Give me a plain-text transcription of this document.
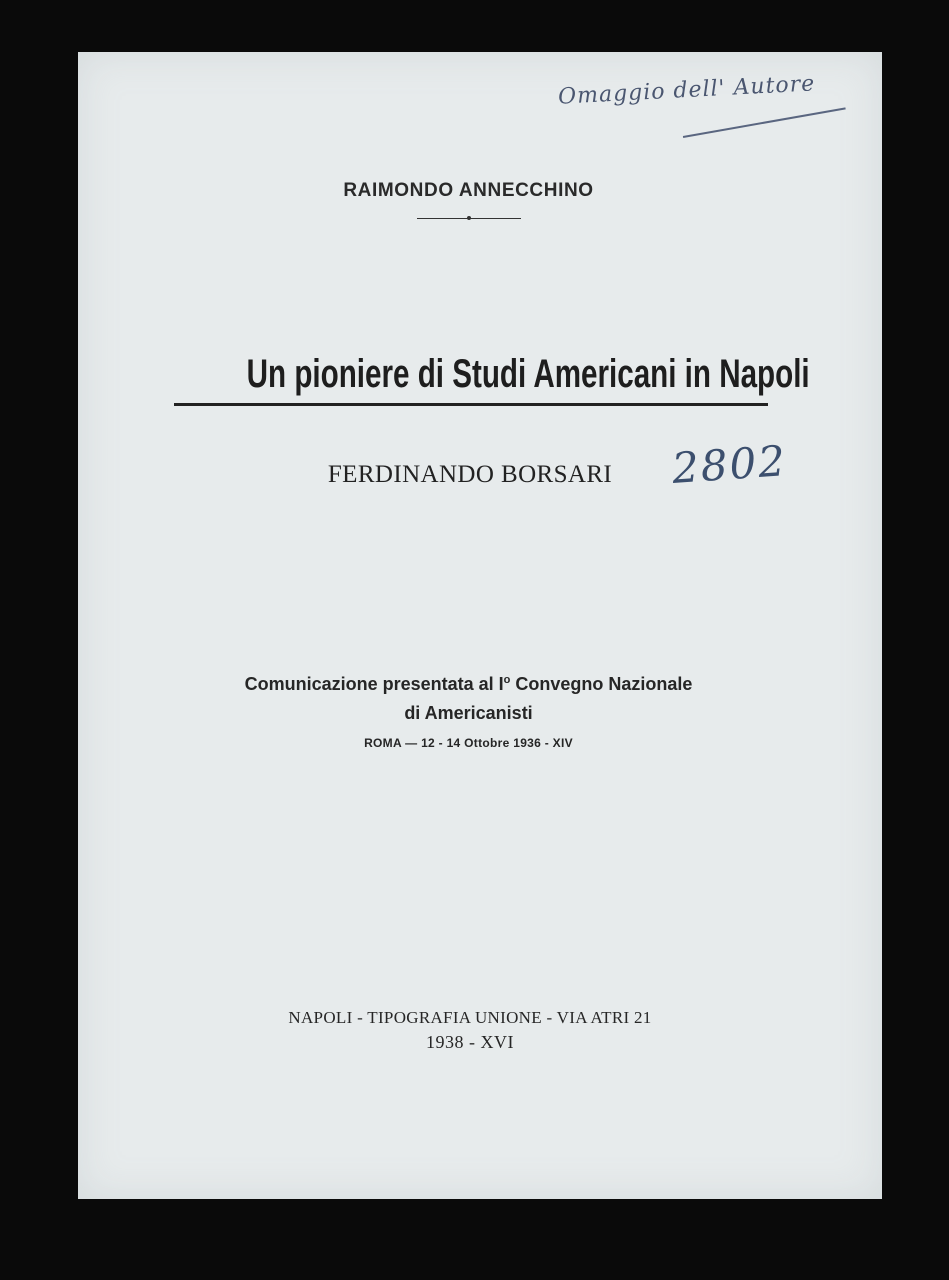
Omaggio dell' Autore
RAIMONDO ANNECCHINO
Un pioniere di Studi Americani in Napoli
FERDINANDO BORSARI	2802
Comunicazione presentata al $I^o$ Convegno Nazionale
di Americanisti
ROMA — 12 - 14 Ottobre 1936 - XIV
NAPOLI - TIPOGRAFIA UNIONE - VIA ATRI 21
1938 - XVI
